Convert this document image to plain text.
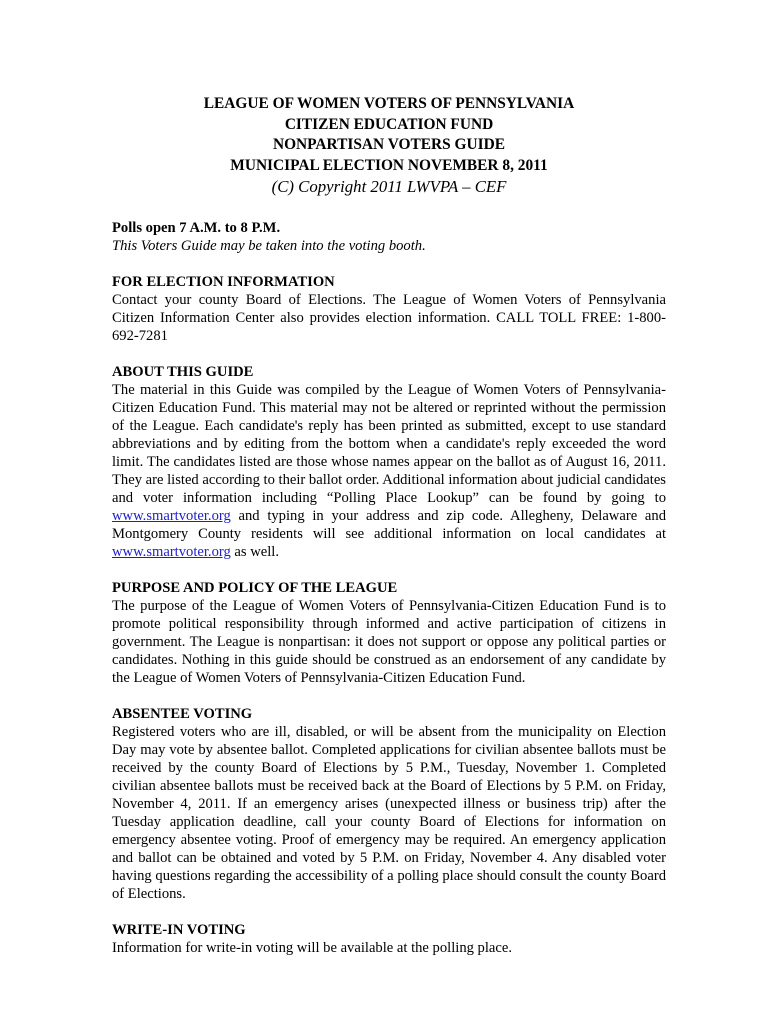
LEAGUE OF WOMEN VOTERS OF PENNSYLVANIA
CITIZEN EDUCATION FUND
NONPARTISAN VOTERS GUIDE
MUNICIPAL ELECTION NOVEMBER 8, 2011
(C) Copyright 2011 LWVPA – CEF
Polls open 7 A.M. to 8 P.M.
This Voters Guide may be taken into the voting booth.
FOR ELECTION INFORMATION
Contact your county Board of Elections. The League of Women Voters of Pennsylvania Citizen Information Center also provides election information. CALL TOLL FREE: 1-800-692-7281
ABOUT THIS GUIDE
The material in this Guide was compiled by the League of Women Voters of Pennsylvania-Citizen Education Fund. This material may not be altered or reprinted without the permission of the League. Each candidate's reply has been printed as submitted, except to use standard abbreviations and by editing from the bottom when a candidate's reply exceeded the word limit. The candidates listed are those whose names appear on the ballot as of August 16, 2011. They are listed according to their ballot order. Additional information about judicial candidates and voter information including “Polling Place Lookup” can be found by going to www.smartvoter.org and typing in your address and zip code. Allegheny, Delaware and Montgomery County residents will see additional information on local candidates at www.smartvoter.org as well.
PURPOSE AND POLICY OF THE LEAGUE
The purpose of the League of Women Voters of Pennsylvania-Citizen Education Fund is to promote political responsibility through informed and active participation of citizens in government. The League is nonpartisan: it does not support or oppose any political parties or candidates. Nothing in this guide should be construed as an endorsement of any candidate by the League of Women Voters of Pennsylvania-Citizen Education Fund.
ABSENTEE VOTING
Registered voters who are ill, disabled, or will be absent from the municipality on Election Day may vote by absentee ballot. Completed applications for civilian absentee ballots must be received by the county Board of Elections by 5 P.M., Tuesday, November 1. Completed civilian absentee ballots must be received back at the Board of Elections by 5 P.M. on Friday, November 4, 2011. If an emergency arises (unexpected illness or business trip) after the Tuesday application deadline, call your county Board of Elections for information on emergency absentee voting. Proof of emergency may be required. An emergency application and ballot can be obtained and voted by 5 P.M. on Friday, November 4. Any disabled voter having questions regarding the accessibility of a polling place should consult the county Board of Elections.
WRITE-IN VOTING
Information for write-in voting will be available at the polling place.
